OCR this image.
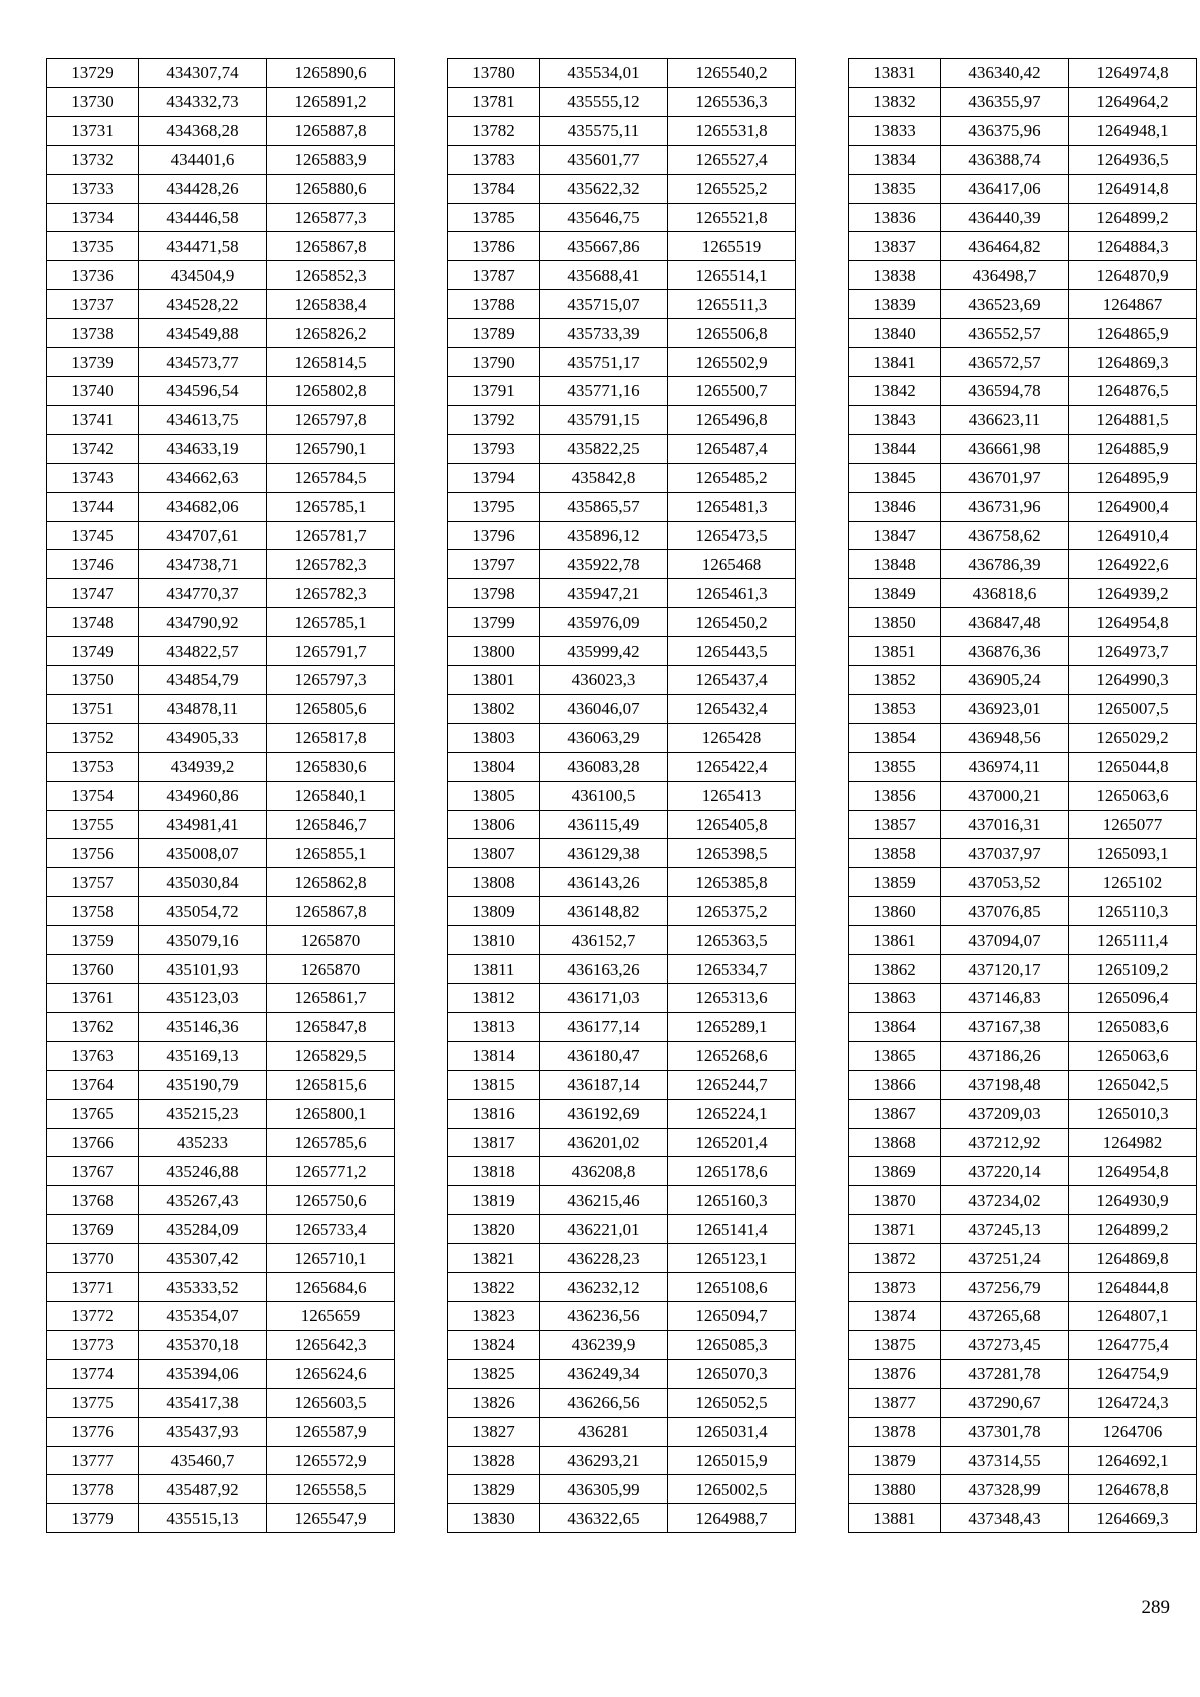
13729	434307,74	1265890,6
13730	434332,73	1265891,2
13731	434368,28	1265887,8
13732	434401,6	1265883,9
13733	434428,26	1265880,6
13734	434446,58	1265877,3
13735	434471,58	1265867,8
13736	434504,9	1265852,3
13737	434528,22	1265838,4
13738	434549,88	1265826,2
13739	434573,77	1265814,5
13740	434596,54	1265802,8
13741	434613,75	1265797,8
13742	434633,19	1265790,1
13743	434662,63	1265784,5
13744	434682,06	1265785,1
13745	434707,61	1265781,7
13746	434738,71	1265782,3
13747	434770,37	1265782,3
13748	434790,92	1265785,1
13749	434822,57	1265791,7
13750	434854,79	1265797,3
13751	434878,11	1265805,6
13752	434905,33	1265817,8
13753	434939,2	1265830,6
13754	434960,86	1265840,1
13755	434981,41	1265846,7
13756	435008,07	1265855,1
13757	435030,84	1265862,8
13758	435054,72	1265867,8
13759	435079,16	1265870
13760	435101,93	1265870
13761	435123,03	1265861,7
13762	435146,36	1265847,8
13763	435169,13	1265829,5
13764	435190,79	1265815,6
13765	435215,23	1265800,1
13766	435233	1265785,6
13767	435246,88	1265771,2
13768	435267,43	1265750,6
13769	435284,09	1265733,4
13770	435307,42	1265710,1
13771	435333,52	1265684,6
13772	435354,07	1265659
13773	435370,18	1265642,3
13774	435394,06	1265624,6
13775	435417,38	1265603,5
13776	435437,93	1265587,9
13777	435460,7	1265572,9
13778	435487,92	1265558,5
13779	435515,13	1265547,9
13780	435534,01	1265540,2
13781	435555,12	1265536,3
13782	435575,11	1265531,8
13783	435601,77	1265527,4
13784	435622,32	1265525,2
13785	435646,75	1265521,8
13786	435667,86	1265519
13787	435688,41	1265514,1
13788	435715,07	1265511,3
13789	435733,39	1265506,8
13790	435751,17	1265502,9
13791	435771,16	1265500,7
13792	435791,15	1265496,8
13793	435822,25	1265487,4
13794	435842,8	1265485,2
13795	435865,57	1265481,3
13796	435896,12	1265473,5
13797	435922,78	1265468
13798	435947,21	1265461,3
13799	435976,09	1265450,2
13800	435999,42	1265443,5
13801	436023,3	1265437,4
13802	436046,07	1265432,4
13803	436063,29	1265428
13804	436083,28	1265422,4
13805	436100,5	1265413
13806	436115,49	1265405,8
13807	436129,38	1265398,5
13808	436143,26	1265385,8
13809	436148,82	1265375,2
13810	436152,7	1265363,5
13811	436163,26	1265334,7
13812	436171,03	1265313,6
13813	436177,14	1265289,1
13814	436180,47	1265268,6
13815	436187,14	1265244,7
13816	436192,69	1265224,1
13817	436201,02	1265201,4
13818	436208,8	1265178,6
13819	436215,46	1265160,3
13820	436221,01	1265141,4
13821	436228,23	1265123,1
13822	436232,12	1265108,6
13823	436236,56	1265094,7
13824	436239,9	1265085,3
13825	436249,34	1265070,3
13826	436266,56	1265052,5
13827	436281	1265031,4
13828	436293,21	1265015,9
13829	436305,99	1265002,5
13830	436322,65	1264988,7
13831	436340,42	1264974,8
13832	436355,97	1264964,2
13833	436375,96	1264948,1
13834	436388,74	1264936,5
13835	436417,06	1264914,8
13836	436440,39	1264899,2
13837	436464,82	1264884,3
13838	436498,7	1264870,9
13839	436523,69	1264867
13840	436552,57	1264865,9
13841	436572,57	1264869,3
13842	436594,78	1264876,5
13843	436623,11	1264881,5
13844	436661,98	1264885,9
13845	436701,97	1264895,9
13846	436731,96	1264900,4
13847	436758,62	1264910,4
13848	436786,39	1264922,6
13849	436818,6	1264939,2
13850	436847,48	1264954,8
13851	436876,36	1264973,7
13852	436905,24	1264990,3
13853	436923,01	1265007,5
13854	436948,56	1265029,2
13855	436974,11	1265044,8
13856	437000,21	1265063,6
13857	437016,31	1265077
13858	437037,97	1265093,1
13859	437053,52	1265102
13860	437076,85	1265110,3
13861	437094,07	1265111,4
13862	437120,17	1265109,2
13863	437146,83	1265096,4
13864	437167,38	1265083,6
13865	437186,26	1265063,6
13866	437198,48	1265042,5
13867	437209,03	1265010,3
13868	437212,92	1264982
13869	437220,14	1264954,8
13870	437234,02	1264930,9
13871	437245,13	1264899,2
13872	437251,24	1264869,8
13873	437256,79	1264844,8
13874	437265,68	1264807,1
13875	437273,45	1264775,4
13876	437281,78	1264754,9
13877	437290,67	1264724,3
13878	437301,78	1264706
13879	437314,55	1264692,1
13880	437328,99	1264678,8
13881	437348,43	1264669,3
289
